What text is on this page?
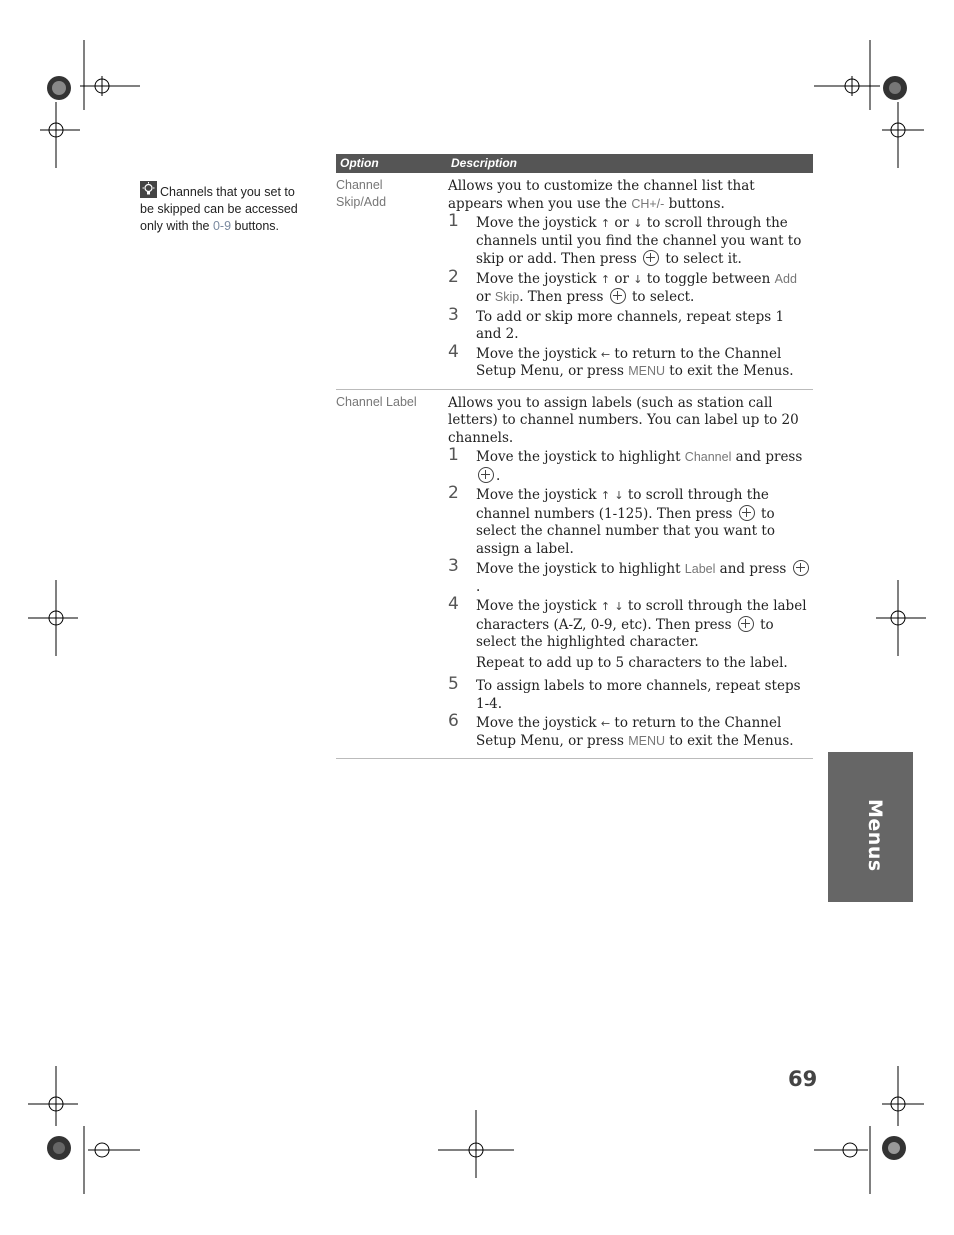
Channels that you set to be skipped can be accessed only with the 0-9 buttons.
Option	Description
Channel
Skip/Add

Allows you to customize the channel list that appears when you use the CH+/- buttons.

1 Move the joystick ↑ or ↓ to scroll through the channels until you find the channel you want to skip or add. Then press  to select it.
2 Move the joystick ↑ or ↓ to toggle between Add or Skip. Then press  to select.
3 To add or skip more channels, repeat steps 1 and 2.
4 Move the joystick ← to return to the Channel Setup Menu, or press MENU to exit the Menus.
Channel Label	Allows you to assign labels (such as station call letters) to channel numbers. You can label up to 20 channels.

1 Move the joystick to highlight Channel and press .
2 Move the joystick ↑ ↓ to scroll through the channel numbers (1-125). Then press  to select the channel number that you want to assign a label.
3 Move the joystick to highlight Label and press .
4 Move the joystick ↑ ↓ to scroll through the label characters (A-Z, 0-9, etc). Then press  to select the highlighted character.
Repeat to add up to 5 characters to the label.
5 To assign labels to more channels, repeat steps 1-4.
6 Move the joystick ← to return to the Channel Setup Menu, or press MENU to exit the Menus.
Menus
69
